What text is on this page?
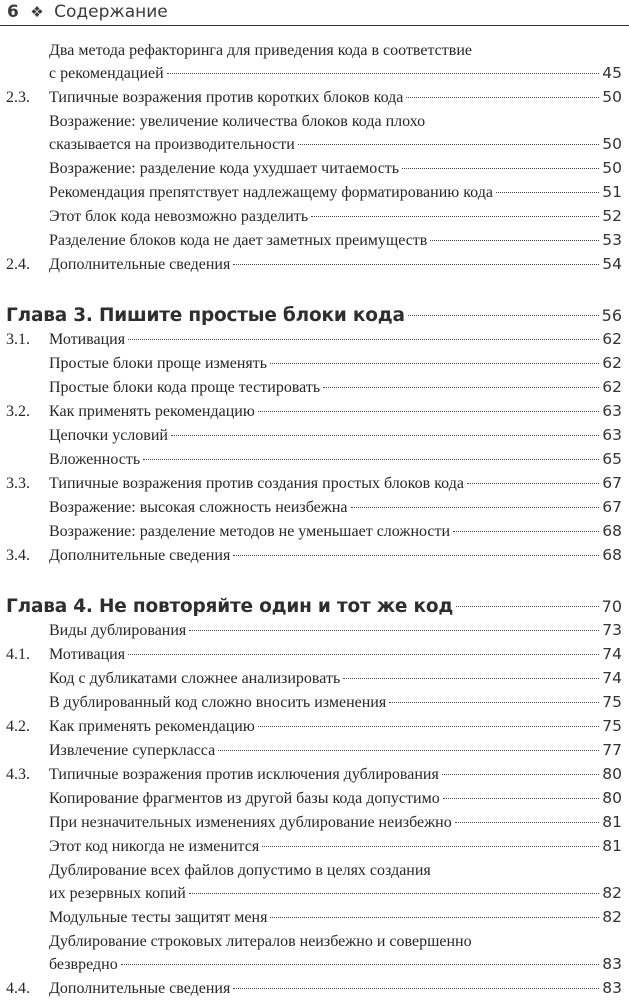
6 ❖ Содержание
Два метода рефакторинга для приведения кода в соответствие
с рекомендацией	45
2.3. Типичные возражения против коротких блоков кода	50
Возражение: увеличение количества блоков кода плохо
сказывается на производительности	50
Возражение: разделение кода ухудшает читаемость	50
Рекомендация препятствует надлежащему форматированию кода	51
Этот блок кода невозможно разделить	52
Разделение блоков кода не дает заметных преимуществ	53
2.4. Дополнительные сведения	54
Глава 3. Пишите простые блоки кода	56
3.1. Мотивация	62
Простые блоки проще изменять	62
Простые блоки кода проще тестировать	62
3.2. Как применять рекомендацию	63
Цепочки условий	63
Вложенность	65
3.3. Типичные возражения против создания простых блоков кода	67
Возражение: высокая сложность неизбежна	67
Возражение: разделение методов не уменьшает сложности	68
3.4. Дополнительные сведения	68
Глава 4. Не повторяйте один и тот же код	70
Виды дублирования	73
4.1. Мотивация	74
Код с дубликатами сложнее анализировать	74
В дублированный код сложно вносить изменения	75
4.2. Как применять рекомендацию	75
Извлечение суперкласса	77
4.3. Типичные возражения против исключения дублирования	80
Копирование фрагментов из другой базы кода допустимо	80
При незначительных изменениях дублирование неизбежно	81
Этот код никогда не изменится	81
Дублирование всех файлов допустимо в целях создания
их резервных копий	82
Модульные тесты защитят меня	82
Дублирование строковых литералов неизбежно и совершенно
безвредно	83
4.4. Дополнительные сведения	83
